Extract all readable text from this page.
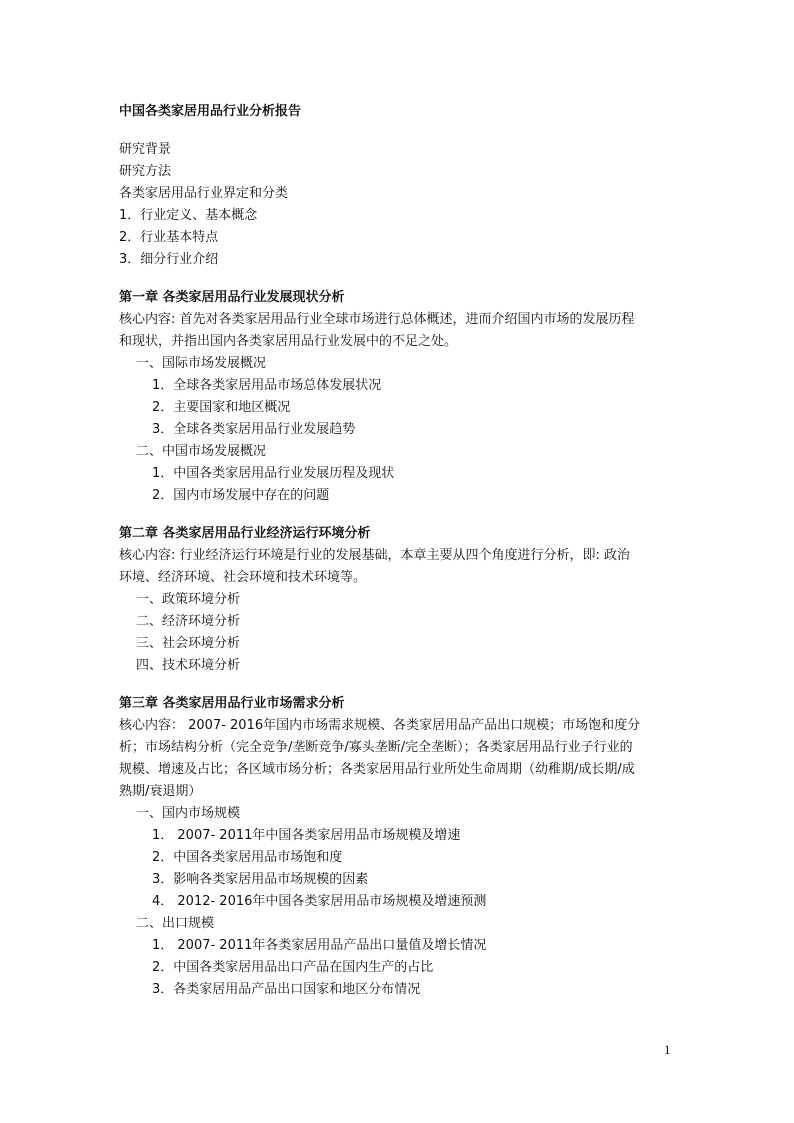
中国各类家居用品行业分析报告
研究背景
研究方法
各类家居用品行业界定和分类
1．行业定义、基本概念
2．行业基本特点
3．细分行业介绍
第一章 各类家居用品行业发展现状分析
核心内容: 首先对各类家居用品行业全球市场进行总体概述，进而介绍国内市场的发展历程
和现状，并指出国内各类家居用品行业发展中的不足之处。
一、国际市场发展概况
1．全球各类家居用品市场总体发展状况
2．主要国家和地区概况
3．全球各类家居用品行业发展趋势
二、中国市场发展概况
1．中国各类家居用品行业发展历程及现状
2．国内市场发展中存在的问题
第二章 各类家居用品行业经济运行环境分析
核心内容: 行业经济运行环境是行业的发展基础，本章主要从四个角度进行分析，即: 政治
环境、经济环境、社会环境和技术环境等。
一、政策环境分析
二、经济环境分析
三、社会环境分析
四、技术环境分析
第三章 各类家居用品行业市场需求分析
核心内容： 2007- 2016年国内市场需求规模、各类家居用品产品出口规模；市场饱和度分
析；市场结构分析（完全竞争/垄断竞争/寡头垄断/完全垄断）；各类家居用品行业子行业的
规模、增速及占比；各区域市场分析；各类家居用品行业所处生命周期（幼稚期/成长期/成
熟期/衰退期）
一、国内市场规模
1． 2007- 2011年中国各类家居用品市场规模及增速
2．中国各类家居用品市场饱和度
3．影响各类家居用品市场规模的因素
4． 2012- 2016年中国各类家居用品市场规模及增速预测
二、出口规模
1． 2007- 2011年各类家居用品产品出口量值及增长情况
2．中国各类家居用品出口产品在国内生产的占比
3．各类家居用品产品出口国家和地区分布情况
1
